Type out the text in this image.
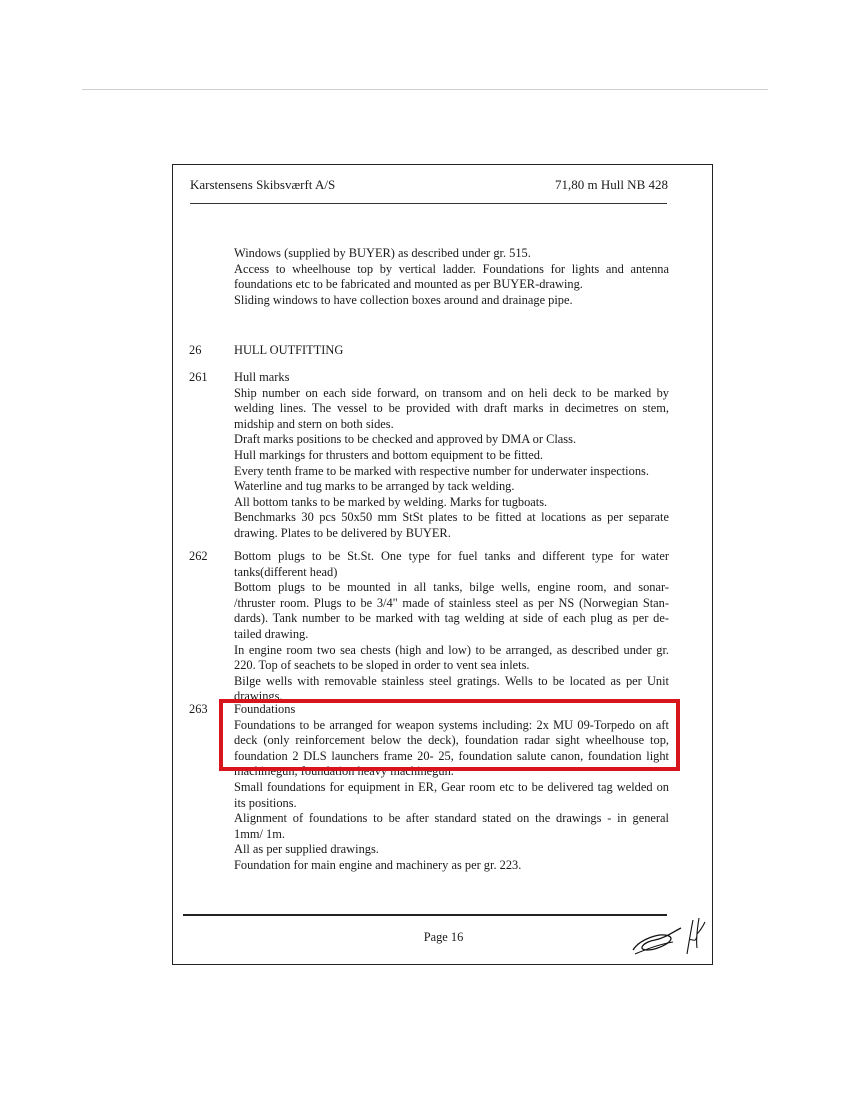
Karstensens Skibsværft A/S	71,80 m Hull NB 428
Windows (supplied by BUYER) as described under gr. 515.
Access to wheelhouse top by vertical ladder. Foundations for lights and antenna
foundations etc to be fabricated and mounted as per BUYER-drawing.
Sliding windows to have collection boxes around and drainage pipe.
26	HULL OUTFITTING
261 Hull marks
Ship number on each side forward, on transom and on heli deck to be marked by
welding lines. The vessel to be provided with draft marks in decimetres on stem,
midship and stern on both sides.
Draft marks positions to be checked and approved by DMA or Class.
Hull markings for thrusters and bottom equipment to be fitted.
Every tenth frame to be marked with respective number for underwater inspections.
Waterline and tug marks to be arranged by tack welding.
All bottom tanks to be marked by welding. Marks for tugboats.
Benchmarks 30 pcs 50x50 mm StSt plates to be fitted at locations as per separate
drawing. Plates to be delivered by BUYER.
262 Bottom plugs to be St.St. One type for fuel tanks and different type for water
tanks(different head)
Bottom plugs to be mounted in all tanks, bilge wells, engine room, and sonar-
/thruster room. Plugs to be 3/4" made of stainless steel as per NS (Norwegian Stan-
dards). Tank number to be marked with tag welding at side of each plug as per de-
tailed drawing.
In engine room two sea chests (high and low) to be arranged, as described under gr.
220. Top of seachets to be sloped in order to vent sea inlets.
Bilge wells with removable stainless steel gratings. Wells to be located as per Unit
drawings.
263 Foundations
Foundations to be arranged for weapon systems including: 2x MU 09-Torpedo on aft
deck (only reinforcement below the deck), foundation radar sight wheelhouse top,
foundation 2 DLS launchers frame 20- 25, foundation salute canon, foundation light
machinegun, foundation heavy machinegun.
Small foundations for equipment in ER, Gear room etc to be delivered tag welded on
its positions.
Alignment of foundations to be after standard stated on the drawings - in general
1mm/ 1m.
All as per supplied drawings.
Foundation for main engine and machinery as per gr. 223.
Page 16
